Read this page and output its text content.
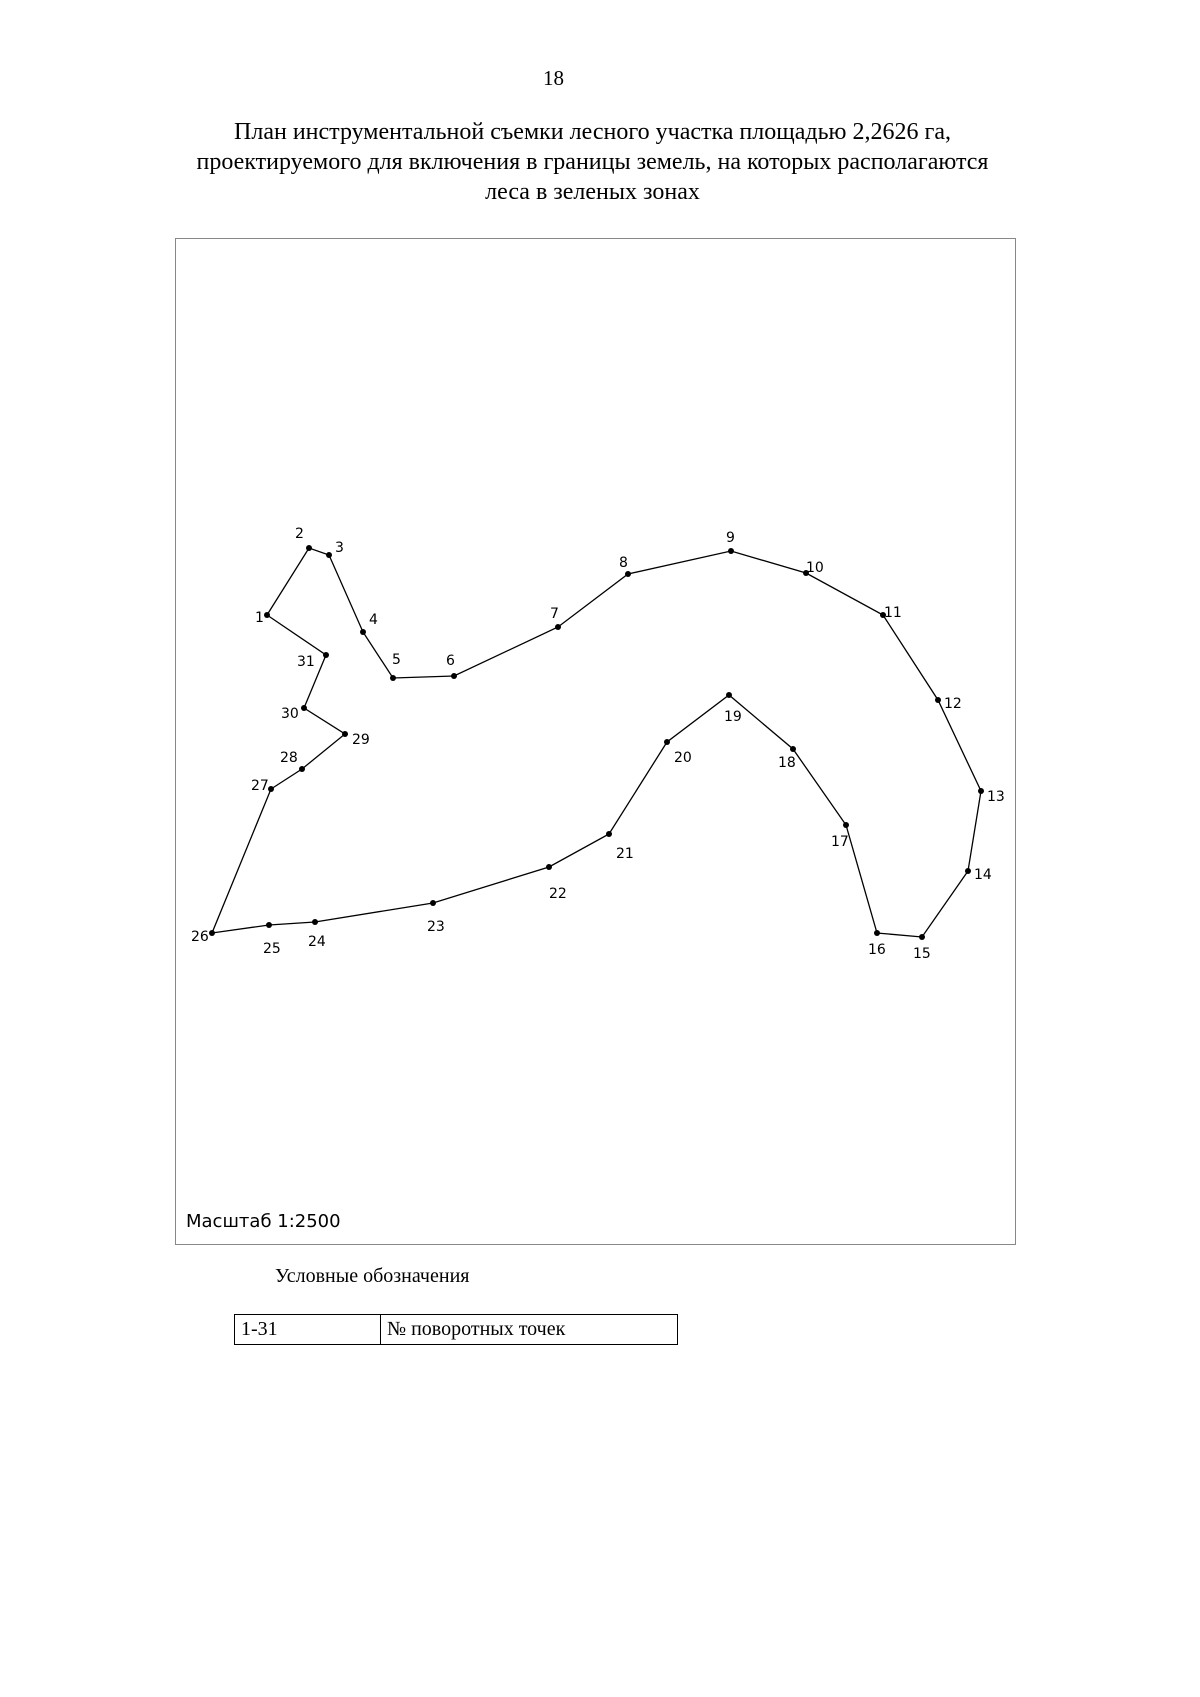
18
План инструментальной съемки лесного участка площадью 2,2626 га,
проектируемого для включения в границы земель, на которых располагаются
леса в зеленых зонах
1
2
3
4
5	6
7
8
9
10
11
12
13
14
15
16
17
18
19
20
21
22
23
24
25
26
27
28
29
30
31
Масштаб 1:2500
Условные обозначения
1-31	№ поворотных точек
